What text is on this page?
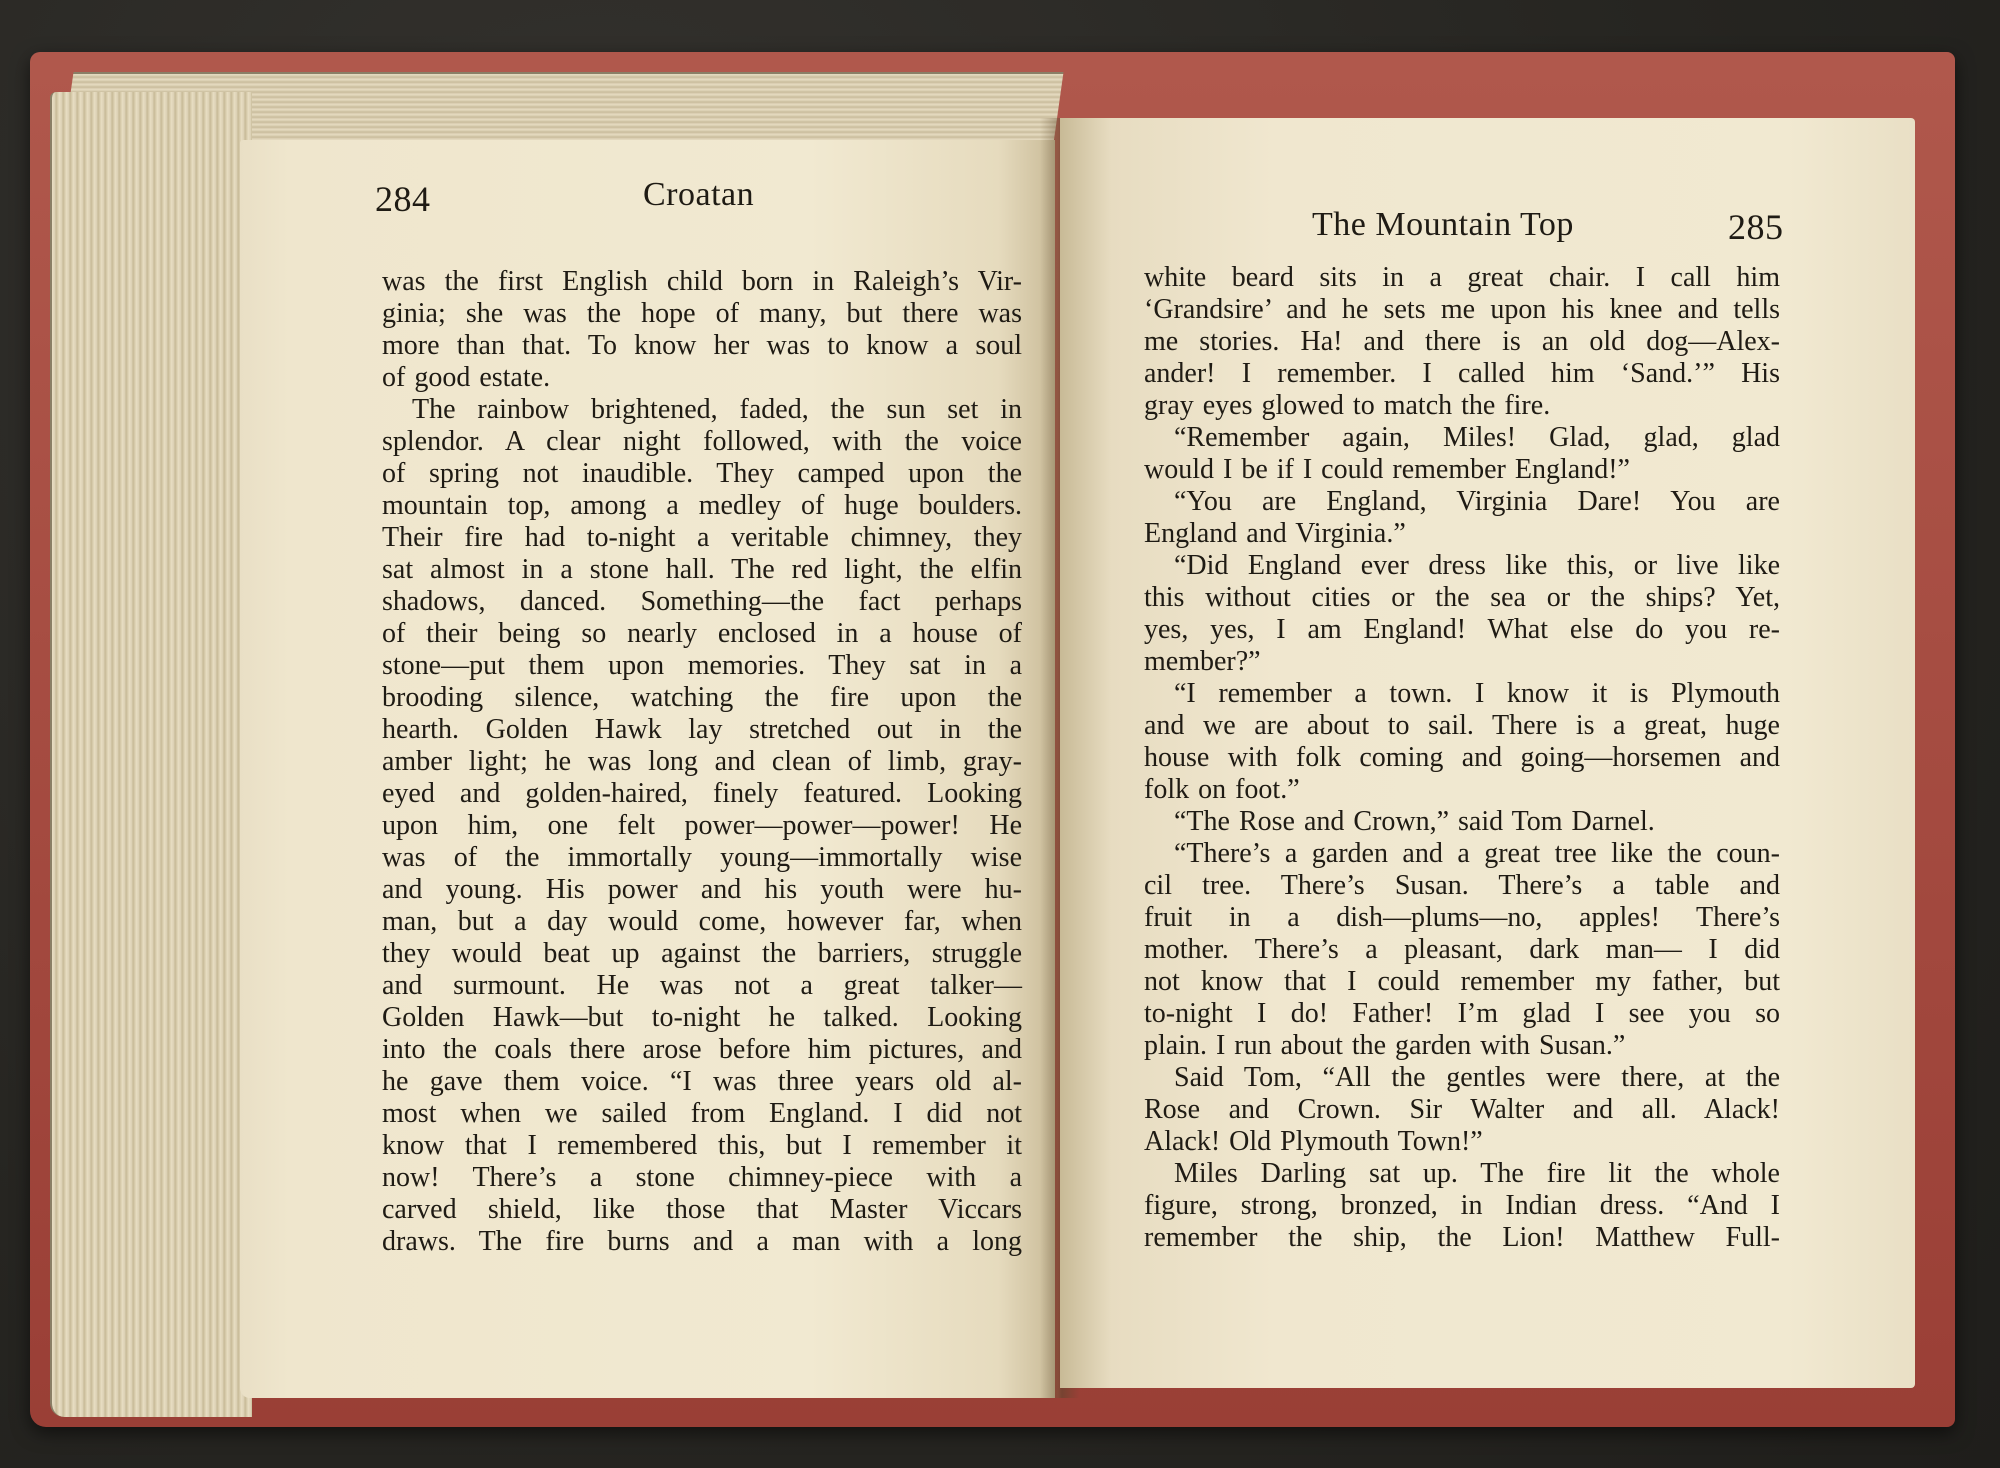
284	Croatan
was the first English child born in Raleigh’s Vir-
ginia; she was the hope of many, but there was
more than that. To know her was to know a soul
of good estate.
The rainbow brightened, faded, the sun set in
splendor. A clear night followed, with the voice
of spring not inaudible. They camped upon the
mountain top, among a medley of huge boulders.
Their fire had to-night a veritable chimney, they
sat almost in a stone hall. The red light, the elfin
shadows, danced. Something—the fact perhaps
of their being so nearly enclosed in a house of
stone—put them upon memories. They sat in a
brooding silence, watching the fire upon the
hearth. Golden Hawk lay stretched out in the
amber light; he was long and clean of limb, gray-
eyed and golden-haired, finely featured. Looking
upon him, one felt power—power—power! He
was of the immortally young—immortally wise
and young. His power and his youth were hu-
man, but a day would come, however far, when
they would beat up against the barriers, struggle
and surmount. He was not a great talker—
Golden Hawk—but to-night he talked. Looking
into the coals there arose before him pictures, and
he gave them voice. “I was three years old al-
most when we sailed from England. I did not
know that I remembered this, but I remember it
now! There’s a stone chimney-piece with a
carved shield, like those that Master Viccars
draws. The fire burns and a man with a long
The Mountain Top	285
white beard sits in a great chair. I call him
‘Grandsire’ and he sets me upon his knee and tells
me stories. Ha! and there is an old dog—Alex-
ander! I remember. I called him ‘Sand.’” His
gray eyes glowed to match the fire.
“Remember again, Miles! Glad, glad, glad
would I be if I could remember England!”
“You are England, Virginia Dare! You are
England and Virginia.”
“Did England ever dress like this, or live like
this without cities or the sea or the ships? Yet,
yes, yes, I am England! What else do you re-
member?”
“I remember a town. I know it is Plymouth
and we are about to sail. There is a great, huge
house with folk coming and going—horsemen and
folk on foot.”
“The Rose and Crown,” said Tom Darnel.
“There’s a garden and a great tree like the coun-
cil tree. There’s Susan. There’s a table and
fruit in a dish—plums—no, apples! There’s
mother. There’s a pleasant, dark man— I did
not know that I could remember my father, but
to-night I do! Father! I’m glad I see you so
plain. I run about the garden with Susan.”
Said Tom, “All the gentles were there, at the
Rose and Crown. Sir Walter and all. Alack!
Alack! Old Plymouth Town!”
Miles Darling sat up. The fire lit the whole
figure, strong, bronzed, in Indian dress. “And I
remember the ship, the Lion! Matthew Full-
